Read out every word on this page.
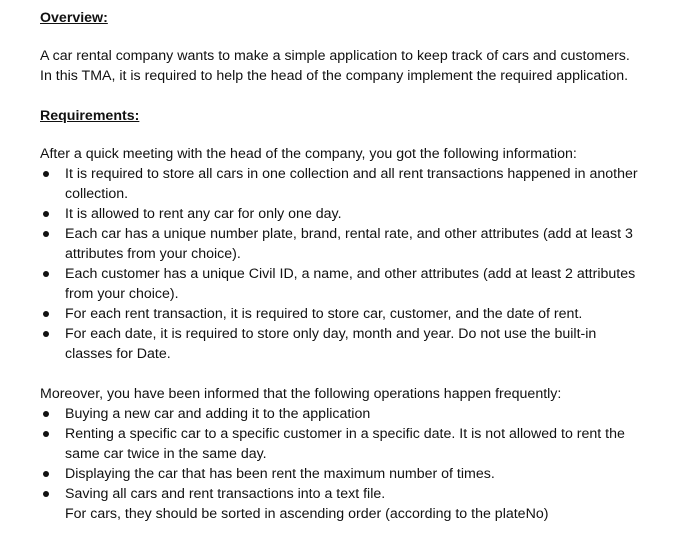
Overview:

A car rental company wants to make a simple application to keep track of cars and customers.

In this TMA, it is required to help the head of the company implement the required application.

Requirements:

After a quick meeting with the head of the company, you got the following information:

It is required to store all cars in one collection and all rent transactions happened in another
collection.
It is allowed to rent any car for only one day.
Each car has a unique number plate, brand, rental rate, and other attributes (add at least 3
attributes from your choice).
Each customer has a unique Civil ID, a name, and other attributes (add at least 2 attributes
from your choice).
For each rent transaction, it is required to store car, customer, and the date of rent.
For each date, it is required to store only day, month and year. Do not use the built-in
classes for Date.

Moreover, you have been informed that the following operations happen frequently:

Buying a new car and adding it to the application
Renting a specific car to a specific customer in a specific date. It is not allowed to rent the
same car twice in the same day.
Displaying the car that has been rent the maximum number of times.
Saving all cars and rent transactions into a text file.
For cars, they should be sorted in ascending order (according to the plateNo)
